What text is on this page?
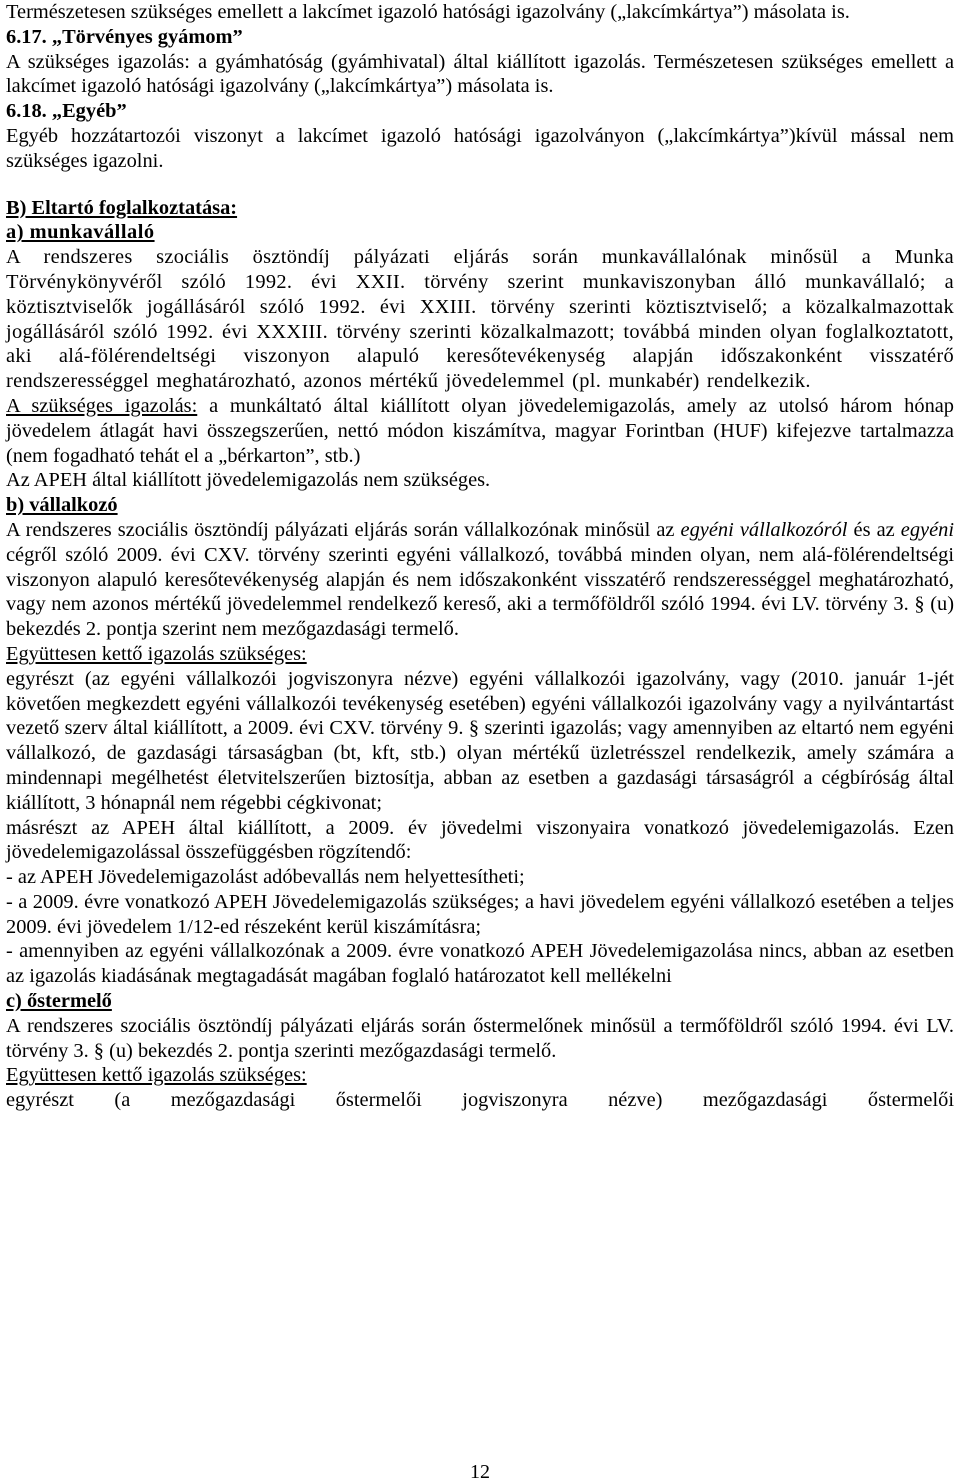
Természetesen szükséges emellett a lakcímet igazoló hatósági igazolvány („lakcímkártya”) másolata is.

6.17. „Törvényes gyámom”

A szükséges igazolás: a gyámhatóság (gyámhivatal) által kiállított igazolás. Természetesen szükséges emellett a lakcímet igazoló hatósági igazolvány („lakcímkártya”) másolata is.

6.18. „Egyéb”

Egyéb hozzátartozói viszonyt a lakcímet igazoló hatósági igazolványon („lakcímkártya”)kívül mással nem szükséges igazolni.

B) Eltartó foglalkoztatása:

a) munkavállaló

A rendszeres szociális ösztöndíj pályázati eljárás során munkavállalónak minősül a Munka Törvénykönyvéről szóló 1992. évi XXII. törvény szerint munkaviszonyban álló munkavállaló; a köztisztviselők jogállásáról szóló 1992. évi XXIII. törvény szerinti köztisztviselő; a közalkalmazottak jogállásáról szóló 1992. évi XXXIII. törvény szerinti közalkalmazott; továbbá minden olyan foglalkoztatott, aki alá-fölérendeltségi viszonyon alapuló keresőtevékenység alapján időszakonként visszatérő rendszerességgel meghatározható, azonos mértékű jövedelemmel (pl. munkabér) rendelkezik.

A szükséges igazolás: a munkáltató által kiállított olyan jövedelemigazolás, amely az utolsó három hónap jövedelem átlagát havi összegszerűen, nettó módon kiszámítva, magyar Forintban (HUF) kifejezve tartalmazza (nem fogadható tehát el a „bérkarton”, stb.)

Az APEH által kiállított jövedelemigazolás nem szükséges.

b) vállalkozó

A rendszeres szociális ösztöndíj pályázati eljárás során vállalkozónak minősül az egyéni vállalkozóról és az egyéni cégről szóló 2009. évi CXV. törvény szerinti egyéni vállalkozó, továbbá minden olyan, nem alá-fölérendeltségi viszonyon alapuló keresőtevékenység alapján és nem időszakonként visszatérő rendszerességgel meghatározható, vagy nem azonos mértékű jövedelemmel rendelkező kereső, aki a termőföldről szóló 1994. évi LV. törvény 3. § (u) bekezdés 2. pontja szerint nem mezőgazdasági termelő.

Együttesen kettő igazolás szükséges:

egyrészt (az egyéni vállalkozói jogviszonyra nézve) egyéni vállalkozói igazolvány, vagy (2010. január 1-jét követően megkezdett egyéni vállalkozói tevékenység esetében) egyéni vállalkozói igazolvány vagy a nyilvántartást vezető szerv által kiállított, a 2009. évi CXV. törvény 9. § szerinti igazolás; vagy amennyiben az eltartó nem egyéni vállalkozó, de gazdasági társaságban (bt, kft, stb.) olyan mértékű üzletrésszel rendelkezik, amely számára a mindennapi megélhetést életvitelszerűen biztosítja, abban az esetben a gazdasági társaságról a cégbíróság által kiállított, 3 hónapnál nem régebbi cégkivonat;

másrészt az APEH által kiállított, a 2009. év jövedelmi viszonyaira vonatkozó jövedelemigazolás. Ezen jövedelemigazolással összefüggésben rögzítendő:

- az APEH Jövedelemigazolást adóbevallás nem helyettesítheti;

- a 2009. évre vonatkozó APEH Jövedelemigazolás szükséges; a havi jövedelem egyéni vállalkozó esetében a teljes 2009. évi jövedelem 1/12-ed részeként kerül kiszámításra;

- amennyiben az egyéni vállalkozónak a 2009. évre vonatkozó APEH Jövedelemigazolása nincs, abban az esetben az igazolás kiadásának megtagadását magában foglaló határozatot kell mellékelni

c) őstermelő

A rendszeres szociális ösztöndíj pályázati eljárás során őstermelőnek minősül a termőföldről szóló 1994. évi LV. törvény 3. § (u) bekezdés 2. pontja szerinti mezőgazdasági termelő.

Együttesen kettő igazolás szükséges:

egyrészt (a mezőgazdasági őstermelői jogviszonyra nézve) mezőgazdasági őstermelői

12
